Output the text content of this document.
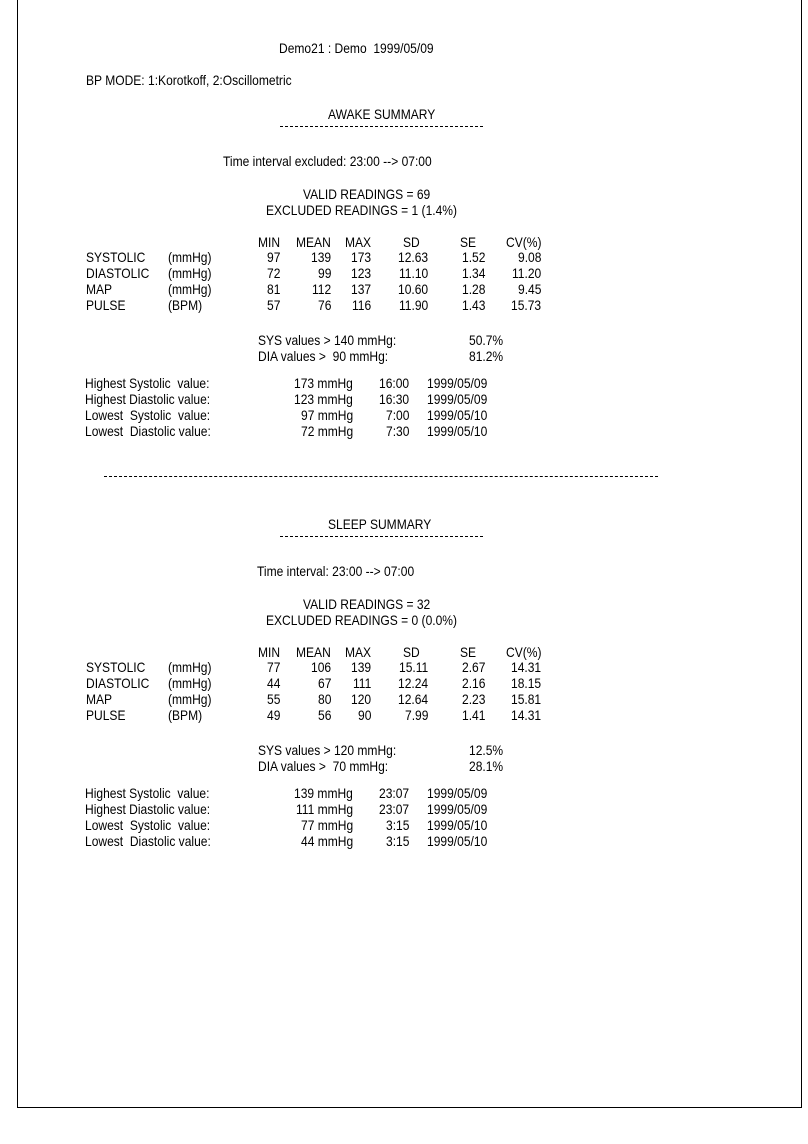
Demo21 : Demo  1999/05/09
BP MODE: 1:Korotkoff, 2:Oscillometric
AWAKE SUMMARY
Time interval excluded: 23:00 --> 07:00
VALID READINGS = 69
EXCLUDED READINGS = 1 (1.4%)
MIN MEAN MAX SD	SE CV(%)
SYSTOLIC (mmHg)	97 139 173 12.63 1.52 9.08
DIASTOLIC (mmHg)	72	99 123 11.10 1.34 11.20
MAP	(mmHg)	81 112 137 10.60 1.28 9.45
PULSE	(BPM)	57	76 116 11.90 1.43 15.73
SYS values > 140 mmHg:	50.7%
DIA values >  90 mmHg:	81.2%
Highest Systolic  value:	173 mmHg 16:00 1999/05/09
Highest Diastolic value:	123 mmHg 16:30 1999/05/09
Lowest  Systolic  value:	97 mmHg 7:00 1999/05/10
Lowest  Diastolic value:	72 mmHg 7:30 1999/05/10
SLEEP SUMMARY
Time interval: 23:00 --> 07:00
VALID READINGS = 32
EXCLUDED READINGS = 0 (0.0%)
MIN MEAN MAX SD	SE CV(%)
SYSTOLIC (mmHg)	77 106 139 15.11 2.67 14.31
DIASTOLIC (mmHg)	44	67 111 12.24 2.16 18.15
MAP	(mmHg)	55	80 120 12.64 2.23 15.81
PULSE	(BPM)	49	56 90 7.99 1.41 14.31
SYS values > 120 mmHg:	12.5%
DIA values >  70 mmHg:	28.1%
Highest Systolic  value:	139 mmHg 23:07 1999/05/09
Highest Diastolic value:	111 mmHg 23:07 1999/05/09
Lowest  Systolic  value:	77 mmHg 3:15 1999/05/10
Lowest  Diastolic value:	44 mmHg 3:15 1999/05/10
